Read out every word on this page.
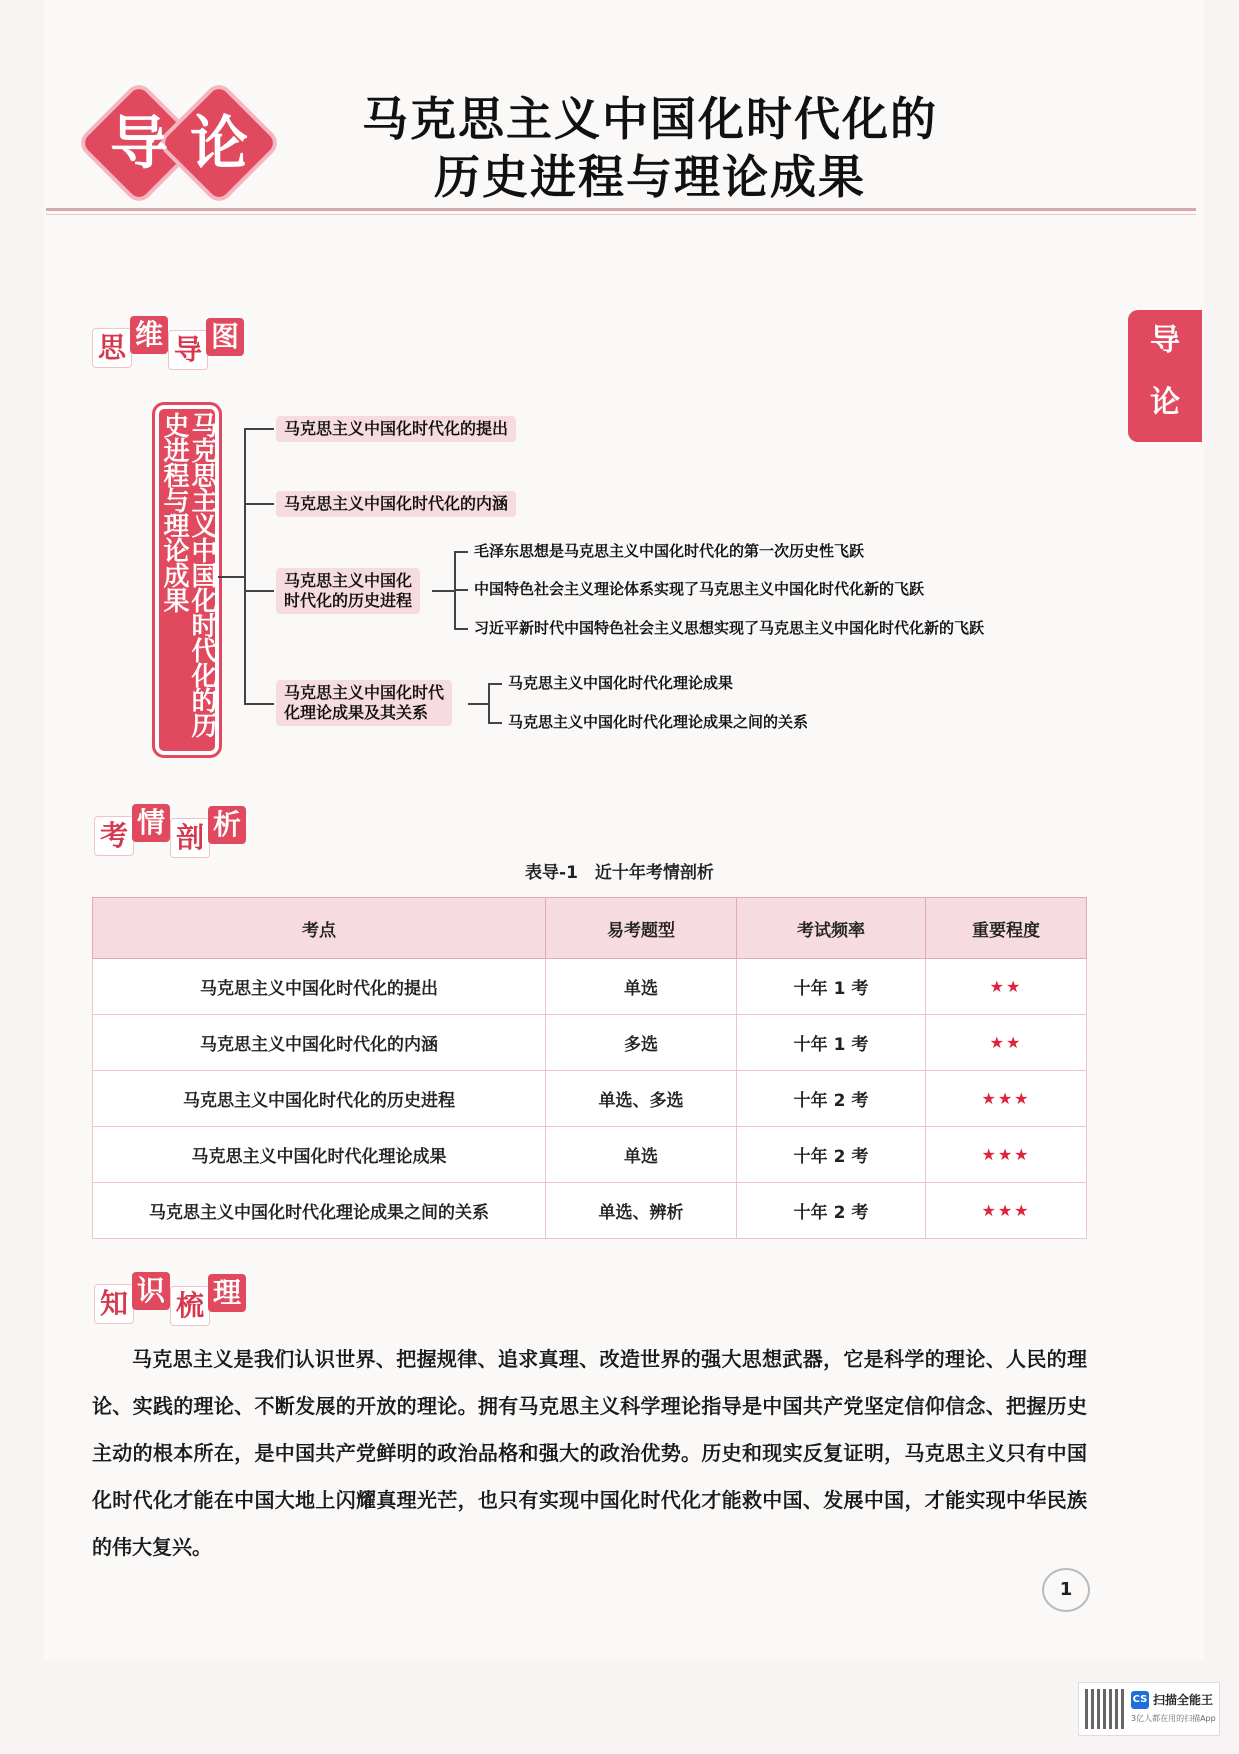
导 论	马克思主义中国化时代化的
历史进程与理论成果
导
论
思 维 导 图
马克思主义中国化时代化的历史进程与理论成果	马克思主义中国化时代化的提出
马克思主义中国化时代化的内涵
马克思主义中国化
时代化的历史进程
马克思主义中国化时代
化理论成果及其关系
毛泽东思想是马克思主义中国化时代化的第一次历史性飞跃
中国特色社会主义理论体系实现了马克思主义中国化时代化新的飞跃
习近平新时代中国特色社会主义思想实现了马克思主义中国化时代化新的飞跃
马克思主义中国化时代化理论成果
马克思主义中国化时代化理论成果之间的关系
考 情 剖 析
表导-1　近十年考情剖析
考点	易考题型	考试频率	重要程度
马克思主义中国化时代化的提出	单选	十年 1 考	★★
马克思主义中国化时代化的内涵	多选	十年 1 考	★★
马克思主义中国化时代化的历史进程	单选、多选	十年 2 考	★★★
马克思主义中国化时代化理论成果	单选	十年 2 考	★★★
马克思主义中国化时代化理论成果之间的关系	单选、辨析	十年 2 考	★★★
知 识 梳 理
马克思主义是我们认识世界、把握规律、追求真理、改造世界的强大思想武器，它是科学的理论、人民的理论、实践的理论、不断发展的开放的理论。拥有马克思主义科学理论指导是中国共产党坚定信仰信念、把握历史主动的根本所在，是中国共产党鲜明的政治品格和强大的政治优势。历史和现实反复证明，马克思主义只有中国化时代化才能在中国大地上闪耀真理光芒，也只有实现中国化时代化才能救中国、发展中国，才能实现中华民族的伟大复兴。
1
CS 扫描全能王
3亿人都在用的扫描App
